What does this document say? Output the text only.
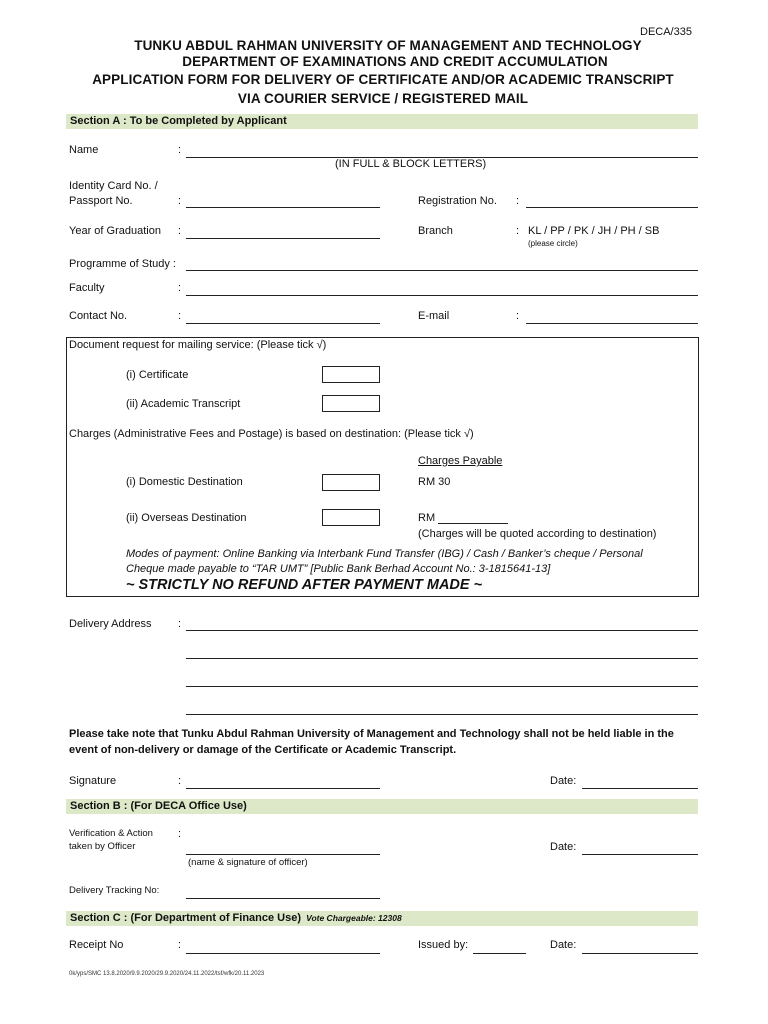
DECA/335
TUNKU ABDUL RAHMAN UNIVERSITY OF MANAGEMENT AND TECHNOLOGY
DEPARTMENT OF EXAMINATIONS AND CREDIT ACCUMULATION
APPLICATION FORM FOR DELIVERY OF CERTIFICATE AND/OR ACADEMIC TRANSCRIPT
VIA COURIER SERVICE / REGISTERED MAIL
Section A : To be Completed by Applicant
Name	:
(IN FULL & BLOCK LETTERS)
Identity Card No. /
Passport No.	:	Registration No. :
Year of Graduation :	Branch	: KL / PP / PK / JH / PH / SB
(please circle)
Programme of Study :
Faculty	:
Contact No.	:	E-mail	:
Document request for mailing service: (Please tick √)
(i) Certificate
(ii) Academic Transcript
Charges (Administrative Fees and Postage) is based on destination: (Please tick √)
Charges Payable
(i) Domestic Destination	RM 30
(ii) Overseas Destination	RM
(Charges will be quoted according to destination)
Modes of payment: Online Banking via Interbank Fund Transfer (IBG) / Cash / Banker’s cheque / Personal
Cheque made payable to “TAR UMT” [Public Bank Berhad Account No.: 3-1815641-13]
~ STRICTLY NO REFUND AFTER PAYMENT MADE ~
Delivery Address :
Please take note that Tunku Abdul Rahman University of Management and Technology shall not be held liable in the
event of non-delivery or damage of the Certificate or Academic Transcript.
Signature	:	Date:
Section B : (For DECA Office Use)
Verification & Action
taken by Officer
:
(name & signature of officer)
Date:
Delivery Tracking No:
Section C : (For Department of Finance Use) Vote Chargeable: 12308
Receipt No	:	Issued by:	Date:
0k/yps/SMC 13.8.2020/9.9.2020/29.9.2020/24.11.2022/tsf/wfk/20.11.2023
